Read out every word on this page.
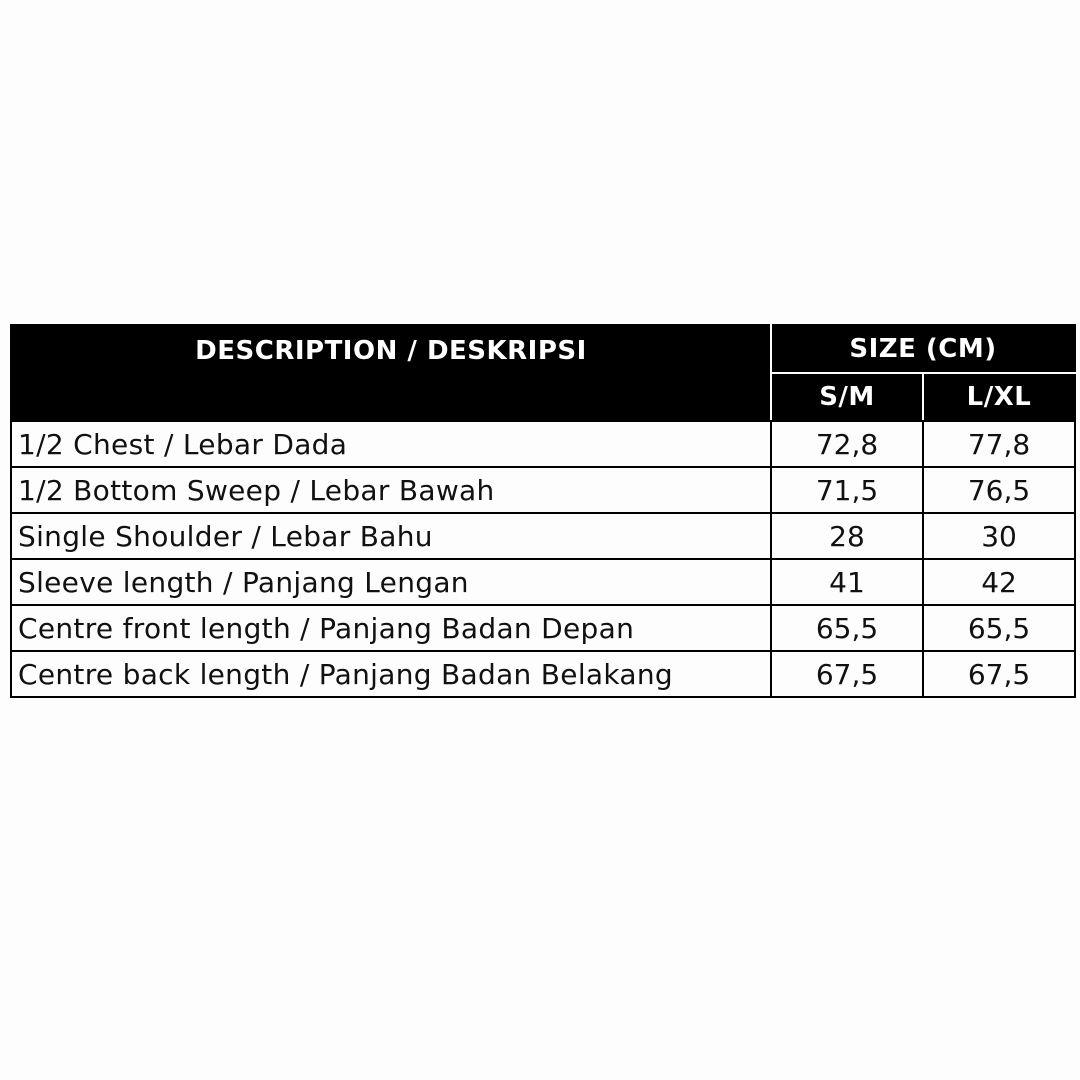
DESCRIPTION / DESKRIPSI	SIZE (CM)	
	S/M	L/XL
1/2 Chest / Lebar Dada	72,8	77,8
1/2 Bottom Sweep / Lebar Bawah	71,5	76,5
Single Shoulder / Lebar Bahu	28	30
Sleeve length / Panjang Lengan	41	42
Centre front length / Panjang Badan Depan	65,5	65,5
Centre back length / Panjang Badan Belakang	67,5	67,5
